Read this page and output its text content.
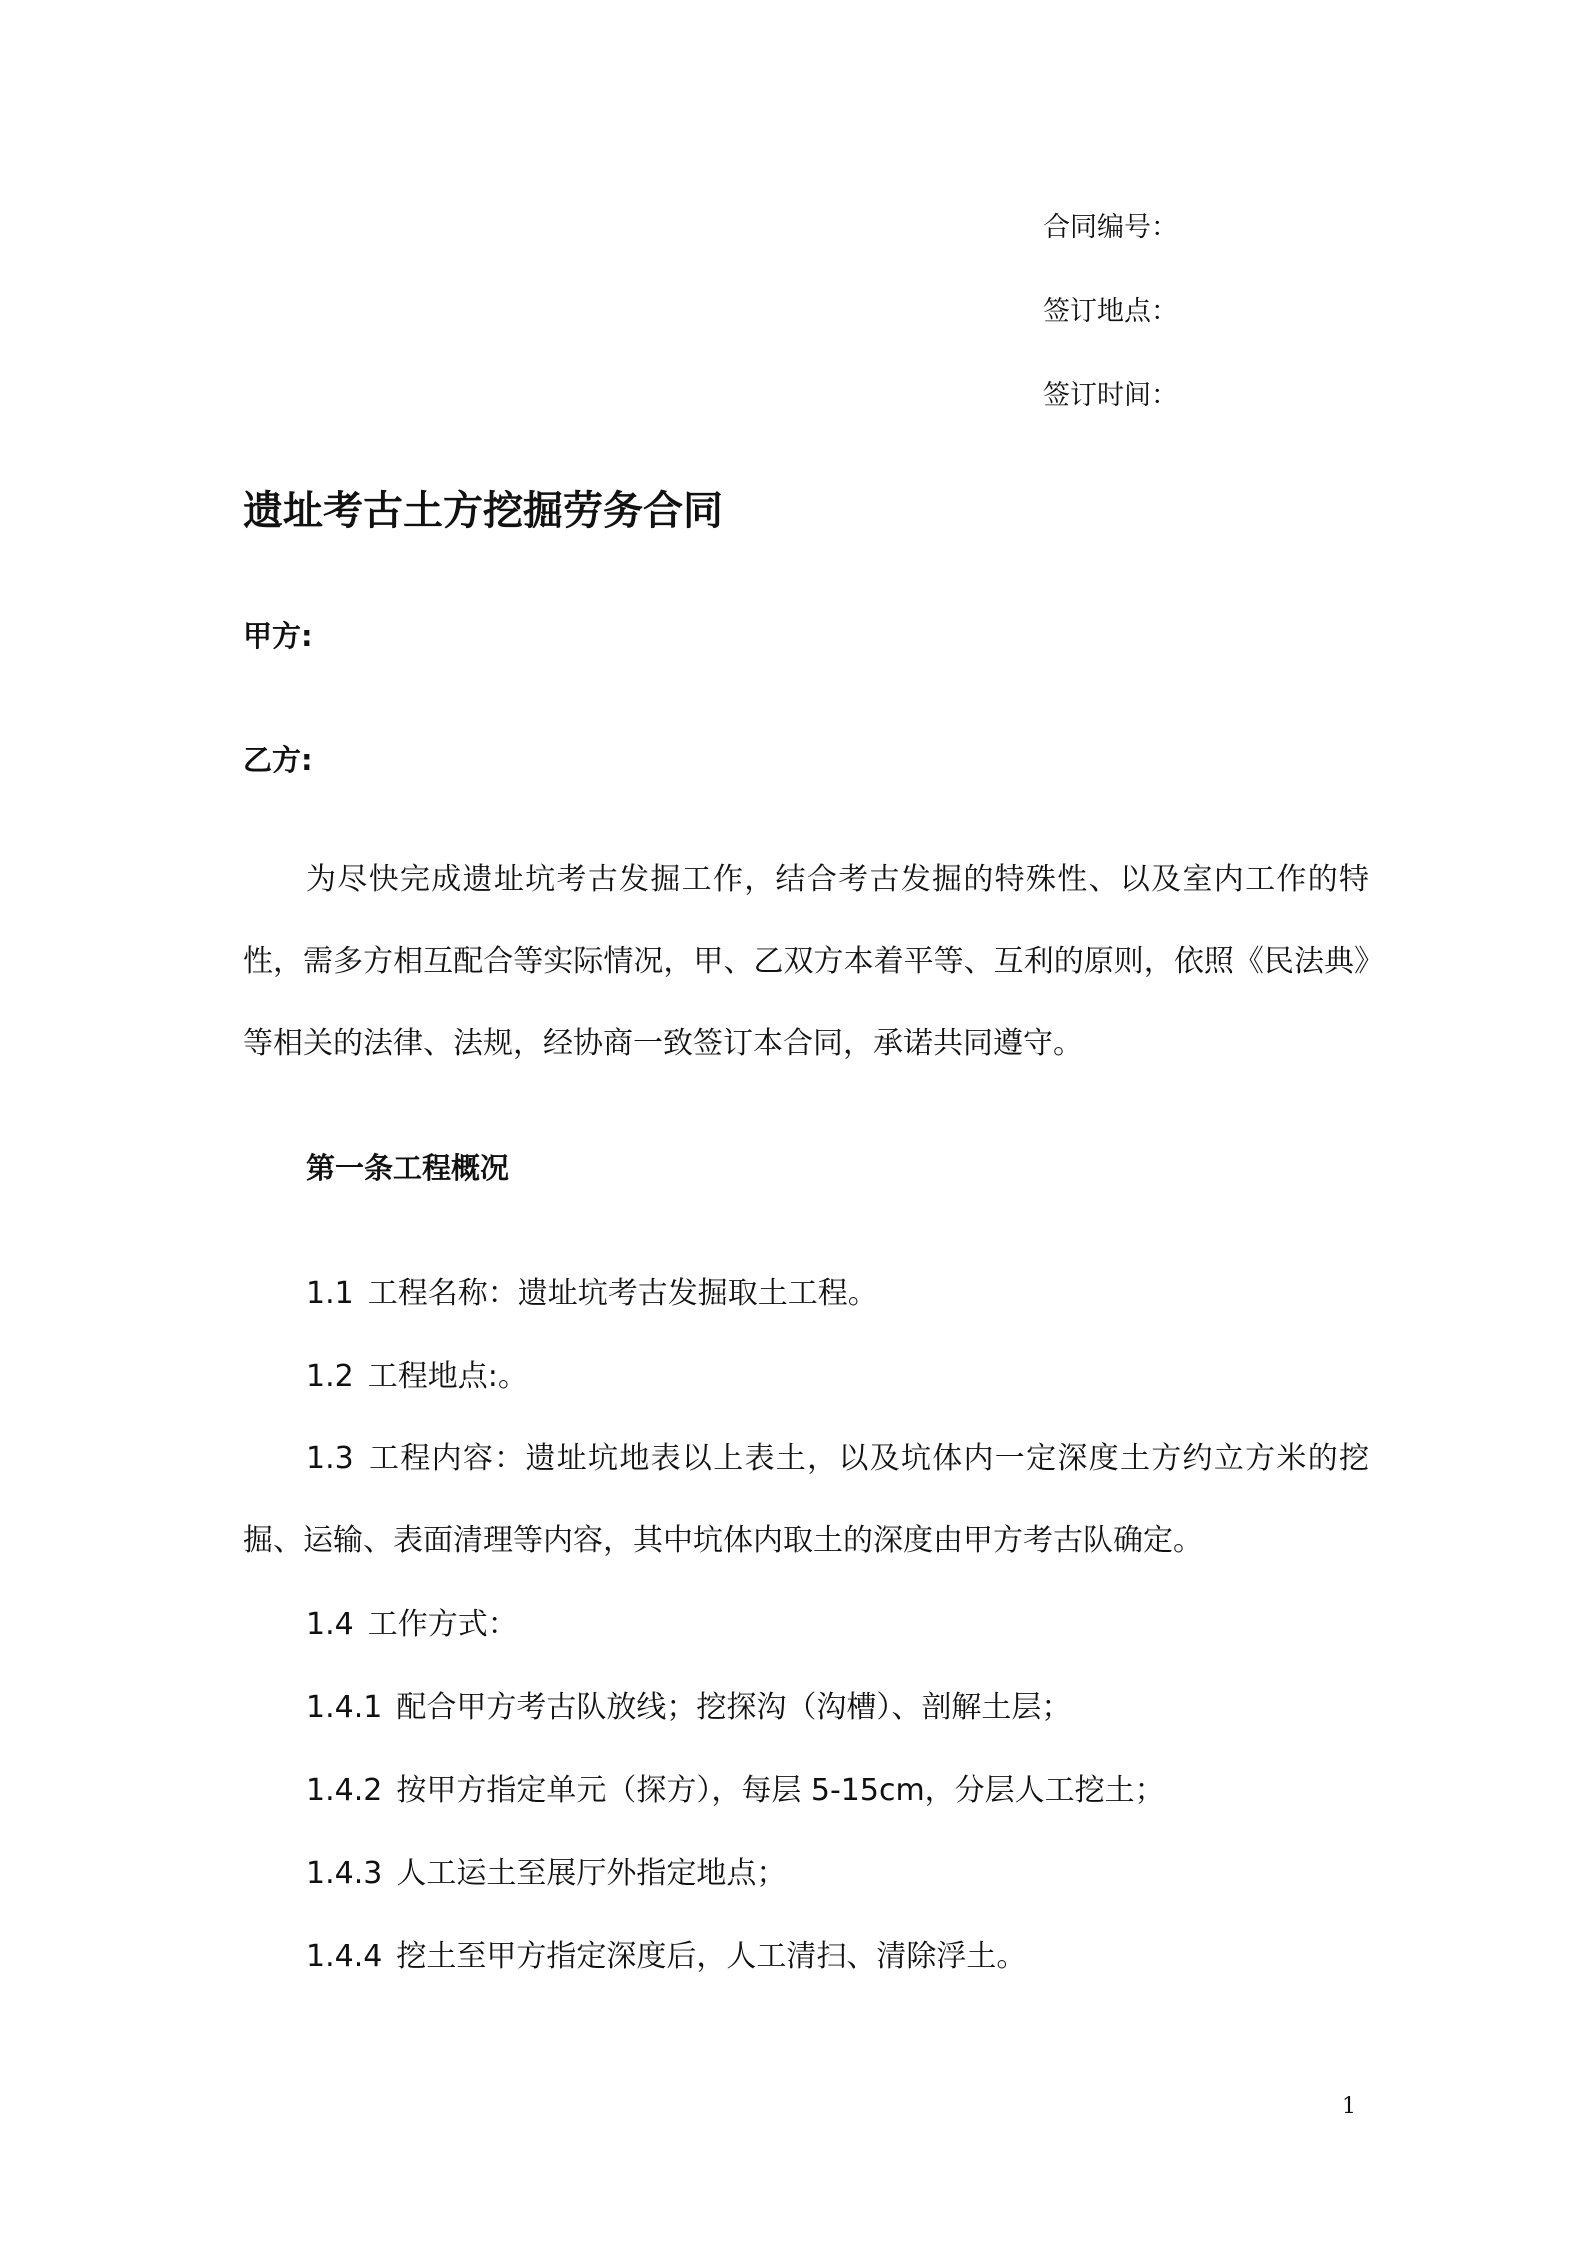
合同编号：
签订地点：
签订时间：
遗址考古土方挖掘劳务合同
甲方:
乙方:
为尽快完成遗址坑考古发掘工作，结合考古发掘的特殊性、以及室内工作的特性，需多方相互配合等实际情况，甲、乙双方本着平等、互利的原则，依照《民法典》等相关的法律、法规，经协商一致签订本合同，承诺共同遵守。
第一条工程概况
1.1 工程名称：遗址坑考古发掘取土工程。
1.2 工程地点:。
1.3 工程内容：遗址坑地表以上表土，以及坑体内一定深度土方约立方米的挖掘、运输、表面清理等内容，其中坑体内取土的深度由甲方考古队确定。
1.4 工作方式：
1.4.1 配合甲方考古队放线；挖探沟（沟槽）、剖解土层；
1.4.2 按甲方指定单元（探方），每层 5-15cm，分层人工挖土；
1.4.3 人工运土至展厅外指定地点；
1.4.4 挖土至甲方指定深度后，人工清扫、清除浮土。
1
